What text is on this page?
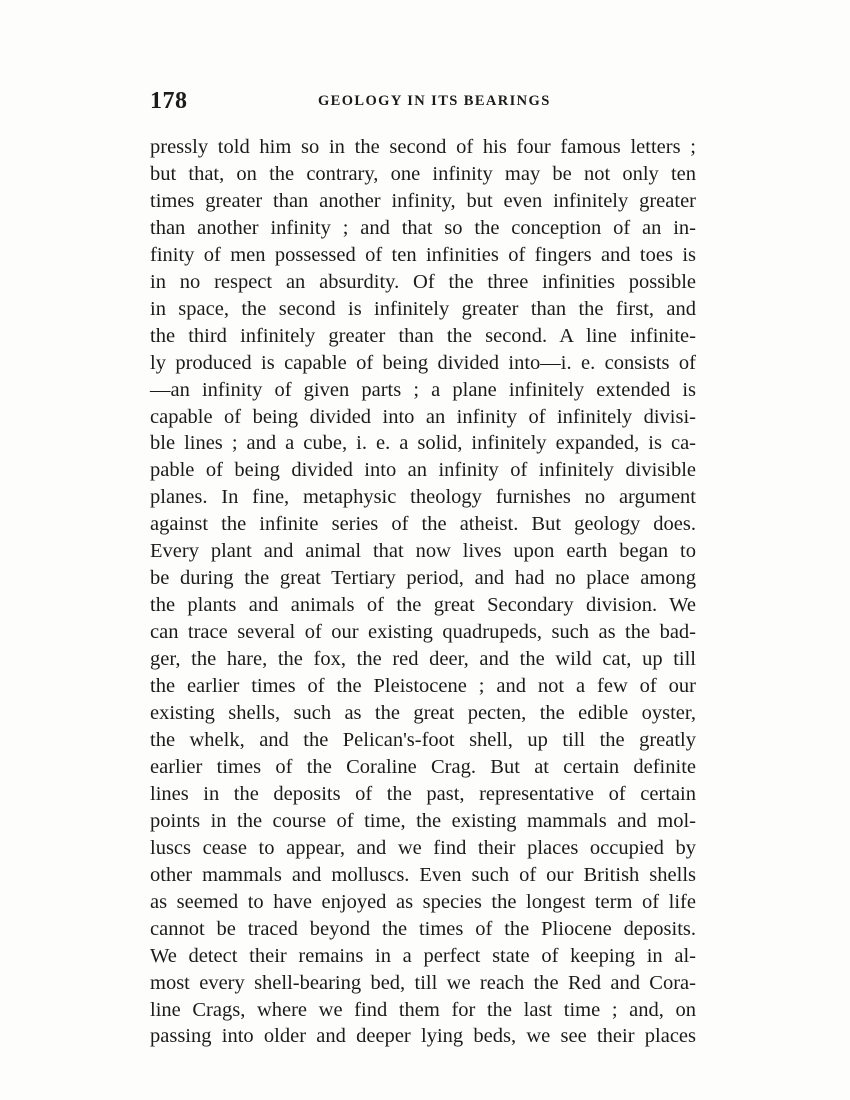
178	GEOLOGY IN ITS BEARINGS
pressly told him so in the second of his four famous letters ;
but that, on the contrary, one infinity may be not only ten
times greater than another infinity, but even infinitely greater
than another infinity ; and that so the conception of an in-
finity of men possessed of ten infinities of fingers and toes is
in no respect an absurdity. Of the three infinities possible
in space, the second is infinitely greater than the first, and
the third infinitely greater than the second. A line infinite-
ly produced is capable of being divided into—i. e. consists of
—an infinity of given parts ; a plane infinitely extended is
capable of being divided into an infinity of infinitely divisi-
ble lines ; and a cube, i. e. a solid, infinitely expanded, is ca-
pable of being divided into an infinity of infinitely divisible
planes. In fine, metaphysic theology furnishes no argument
against the infinite series of the atheist. But geology does.
Every plant and animal that now lives upon earth began to
be during the great Tertiary period, and had no place among
the plants and animals of the great Secondary division. We
can trace several of our existing quadrupeds, such as the bad-
ger, the hare, the fox, the red deer, and the wild cat, up till
the earlier times of the Pleistocene ; and not a few of our
existing shells, such as the great pecten, the edible oyster,
the whelk, and the Pelican's-foot shell, up till the greatly
earlier times of the Coraline Crag. But at certain definite
lines in the deposits of the past, representative of certain
points in the course of time, the existing mammals and mol-
luscs cease to appear, and we find their places occupied by
other mammals and molluscs. Even such of our British shells
as seemed to have enjoyed as species the longest term of life
cannot be traced beyond the times of the Pliocene deposits.
We detect their remains in a perfect state of keeping in al-
most every shell-bearing bed, till we reach the Red and Cora-
line Crags, where we find them for the last time ; and, on
passing into older and deeper lying beds, we see their places
